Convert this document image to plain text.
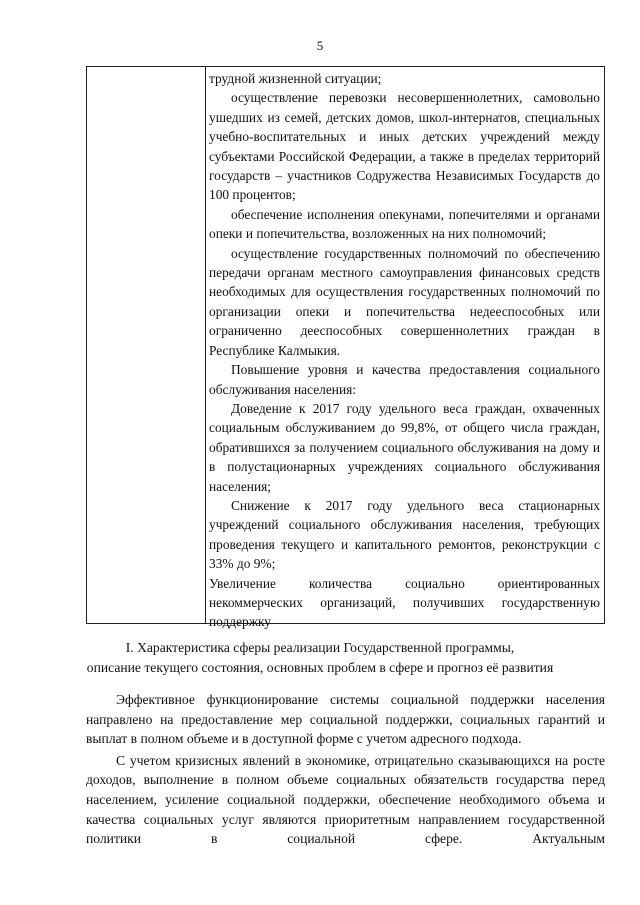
5

трудной жизненной ситуации;

осуществление перевозки несовершеннолетних, самовольно ушедших из семей, детских домов, школ-интернатов, специальных учебно-воспитательных и иных детских учреждений между субъектами Российской Федерации, а также в пределах территорий государств – участников Содружества Независимых Государств до 100 процентов;

обеспечение исполнения опекунами, попечителями и органами опеки и попечительства, возложенных на них полномочий;

осуществление государственных полномочий по обеспечению передачи органам местного самоуправления финансовых средств необходимых для осуществления государственных полномочий по организации опеки и попечительства недееспособных или ограниченно дееспособных совершеннолетних граждан в Республике Калмыкия.

Повышение уровня и качества предоставления социального обслуживания населения:

Доведение к 2017 году удельного веса граждан, охваченных социальным обслуживанием до 99,8%, от общего числа граждан, обратившихся за получением социального обслуживания на дому и в полустационарных учреждениях социального обслуживания населения;

Снижение к 2017 году удельного веса стационарных учреждений социального обслуживания населения, требующих проведения текущего и капитального ремонтов, реконструкции с 33% до 9%;

Увеличение количества социально ориентированных некоммерческих организаций, получивших государственную поддержку

I. Характеристика сферы реализации Государственной программы,
описание текущего состояния, основных проблем в сфере и прогноз её развития

Эффективное функционирование системы социальной поддержки населения направлено на предоставление мер социальной поддержки, социальных гарантий и выплат в полном объеме и в доступной форме с учетом адресного подхода.

С учетом кризисных явлений в экономике, отрицательно сказывающихся на росте доходов, выполнение в полном объеме социальных обязательств государства перед населением, усиление социальной поддержки, обеспечение необходимого объема и качества социальных услуг являются приоритетным направлением государственной политики в социальной сфере. Актуальным
